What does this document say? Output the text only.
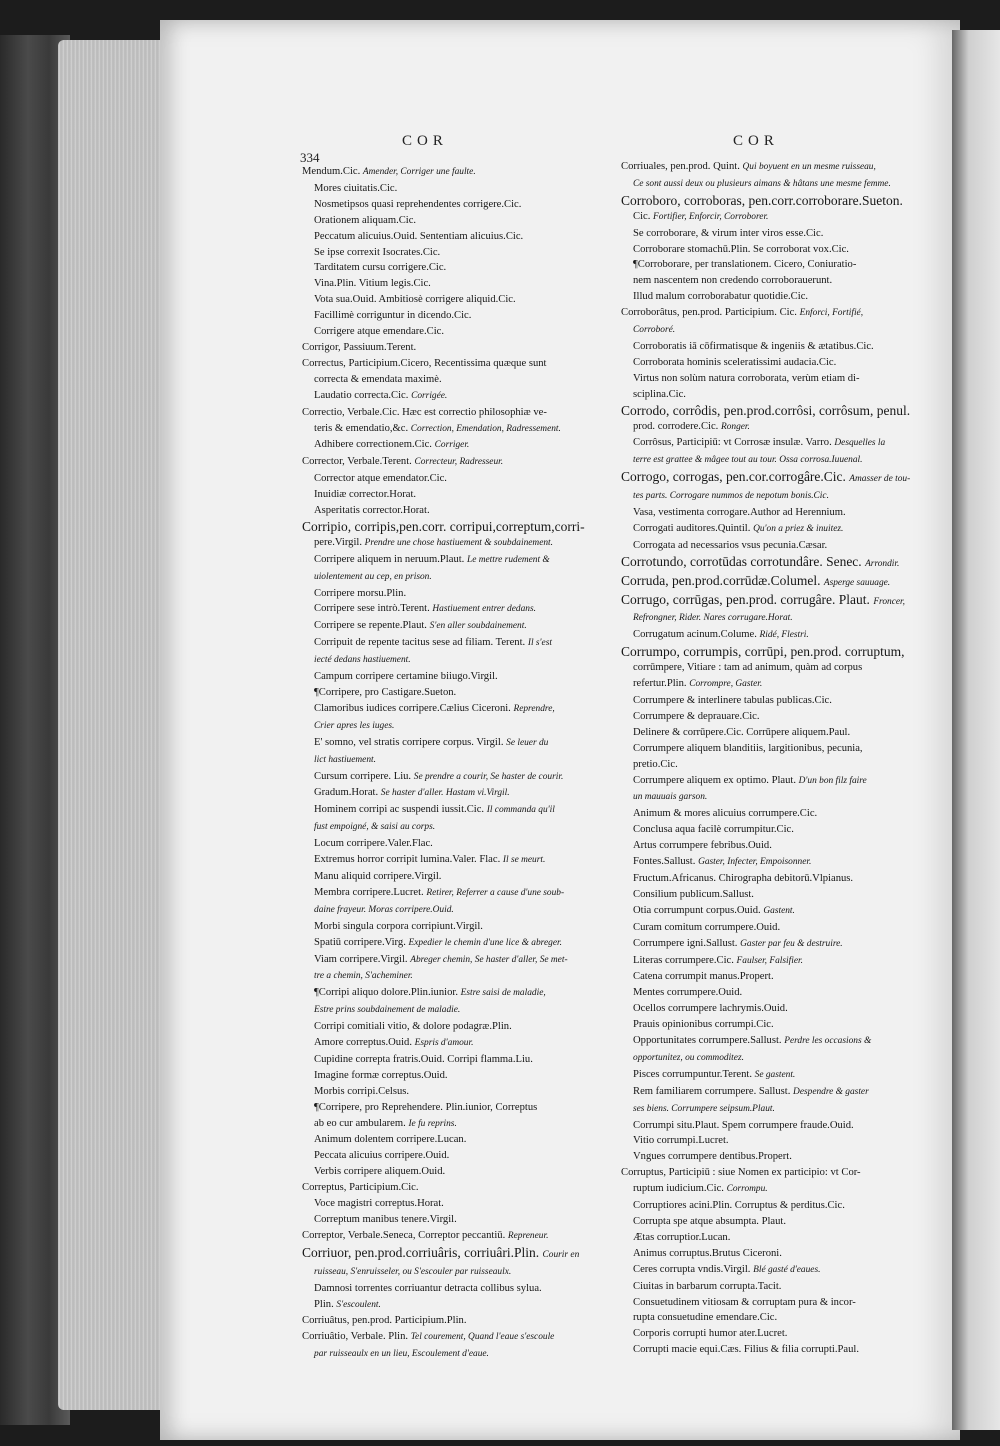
COR	COR
334
Mendum.Cic. Amender, Corriger une faulte.
Mores ciuitatis.Cic.
Nosmetipsos quasi reprehendentes corrigere.Cic.
Orationem aliquam.Cic.
Peccatum alicuius.Ouid. Sententiam alicuius.Cic.
Se ipse correxit Isocrates.Cic.
Tarditatem cursu corrigere.Cic.
Vina.Plin. Vitium legis.Cic.
Vota sua.Ouid. Ambitiosè corrigere aliquid.Cic.
Facillimè corriguntur in dicendo.Cic.
Corrigere atque emendare.Cic.
Corrigor, Passiuum.Terent.
Correctus, Participium.Cicero, Recentissima quæque sunt
correcta & emendata maximè.
Laudatio correcta.Cic. Corrigée.
Correctio, Verbale.Cic. Hæc est correctio philosophiæ ve-
teris & emendatio,&c. Correction, Emendation, Radressement.
Adhibere correctionem.Cic. Corriger.
Corrector, Verbale.Terent. Correcteur, Radresseur.
Corrector atque emendator.Cic.
Inuidiæ corrector.Horat.
Asperitatis corrector.Horat.
Corripio, corripis,pen.corr. corripui,correptum,corri-
pere.Virgil. Prendre une chose hastiuement & soubdainement.
Corripere aliquem in neruum.Plaut. Le mettre rudement &
uiolentement au cep, en prison.
Corripere morsu.Plin.
Corripere sese intrò.Terent. Hastiuement entrer dedans.
Corripere se repente.Plaut. S'en aller soubdainement.
Corripuit de repente tacitus sese ad filiam. Terent. Il s'est
iecté dedans hastiuement.
Campum corripere certamine biiugo.Virgil.
¶Corripere, pro Castigare.Sueton.
Clamoribus iudices corripere.Cælius Ciceroni. Reprendre,
Crier apres les iuges.
E' somno, vel stratis corripere corpus. Virgil. Se leuer du
lict hastiuement.
Cursum corripere. Liu. Se prendre a courir, Se haster de courir.
Gradum.Horat. Se haster d'aller. Hastam vi.Virgil.
Hominem corripi ac suspendi iussit.Cic. Il commanda qu'il
fust empoigné, & saisi au corps.
Locum corripere.Valer.Flac.
Extremus horror corripit lumina.Valer. Flac. Il se meurt.
Manu aliquid corripere.Virgil.
Membra corripere.Lucret. Retirer, Referrer a cause d'une soub-
daine frayeur. Moras corripere.Ouid.
Morbi singula corpora corripiunt.Virgil.
Spatiū corripere.Virg. Expedier le chemin d'une lice & abreger.
Viam corripere.Virgil. Abreger chemin, Se haster d'aller, Se met-
tre a chemin, S'acheminer.
¶Corripi aliquo dolore.Plin.iunior. Estre saisi de maladie,
Estre prins soubdainement de maladie.
Corripi comitiali vitio, & dolore podagræ.Plin.
Amore correptus.Ouid. Espris d'amour.
Cupidine correpta fratris.Ouid. Corripi flamma.Liu.
Imagine formæ correptus.Ouid.
Morbis corripi.Celsus.
¶Corripere, pro Reprehendere. Plin.iunior, Correptus
ab eo cur ambularem. Ie fu reprins.
Animum dolentem corripere.Lucan.
Peccata alicuius corripere.Ouid.
Verbis corripere aliquem.Ouid.
Correptus, Participium.Cic.
Voce magistri correptus.Horat.
Correptum manibus tenere.Virgil.
Correptor, Verbale.Seneca, Correptor peccantiū. Repreneur.
Corriuor, pen.prod.corriuâris, corriuâri.Plin. Courir en
ruisseau, S'enruisseler, ou S'escouler par ruisseaulx.
Damnosi torrentes corriuantur detracta collibus sylua.
Plin. S'escoulent.
Corriuâtus, pen.prod. Participium.Plin.
Corriuâtio, Verbale. Plin. Tel courement, Quand l'eaue s'escoule
par ruisseaulx en un lieu, Escoulement d'eaue.
Corriuales, pen.prod. Quint. Qui boyuent en un mesme ruisseau,
Ce sont aussi deux ou plusieurs aimans & hâtans une mesme femme.
Corroboro, corroboras, pen.corr.corroborare.Sueton.
Cic. Fortifier, Enforcir, Corroborer.
Se corroborare, & virum inter viros esse.Cic.
Corroborare stomachū.Plin. Se corroborat vox.Cic.
¶Corroborare, per translationem. Cicero, Coniuratio-
nem nascentem non credendo corroborauerunt.
Illud malum corroborabatur quotidie.Cic.
Corroborâtus, pen.prod. Participium. Cic. Enforci, Fortifié,
Corroboré.
Corroboratis iā cōfirmatisque & ingeniis & ætatibus.Cic.
Corroborata hominis sceleratissimi audacia.Cic.
Virtus non solùm natura corroborata, verùm etiam di-
sciplina.Cic.
Corrodo, corrôdis, pen.prod.corrôsi, corrôsum, penul.
prod. corrodere.Cic. Ronger.
Corrôsus, Participiū: vt Corrosæ insulæ. Varro. Desquelles la
terre est grattee & mâgee tout au tour. Ossa corrosa.Iuuenal.
Corrogo, corrogas, pen.cor.corrogâre.Cic. Amasser de tou-
tes parts. Corrogare nummos de nepotum bonis.Cic.
Vasa, vestimenta corrogare.Author ad Herennium.
Corrogati auditores.Quintil. Qu'on a priez & inuitez.
Corrogata ad necessarios vsus pecunia.Cæsar.
Corrotundo, corrotūdas corrotundâre. Senec. Arrondir.
Corruda, pen.prod.corrūdæ.Columel. Asperge sauuage.
Corrugo, corrūgas, pen.prod. corrugâre. Plaut. Froncer,
Refrongner, Rider. Nares corrugare.Horat.
Corrugatum acinum.Colume. Ridé, Flestri.
Corrumpo, corrumpis, corrūpi, pen.prod. corruptum,
corrūmpere, Vitiare : tam ad animum, quàm ad corpus
refertur.Plin. Corrompre, Gaster.
Corrumpere & interlinere tabulas publicas.Cic.
Corrumpere & deprauare.Cic.
Delinere & corrūpere.Cic. Corrūpere aliquem.Paul.
Corrumpere aliquem blanditiis, largitionibus, pecunia,
pretio.Cic.
Corrumpere aliquem ex optimo. Plaut. D'un bon filz faire
un mauuais garson.
Animum & mores alicuius corrumpere.Cic.
Conclusa aqua facilè corrumpitur.Cic.
Artus corrumpere febribus.Ouid.
Fontes.Sallust. Gaster, Infecter, Empoisonner.
Fructum.Africanus. Chirographa debitorū.Vlpianus.
Consilium publicum.Sallust.
Otia corrumpunt corpus.Ouid. Gastent.
Curam comitum corrumpere.Ouid.
Corrumpere igni.Sallust. Gaster par feu & destruire.
Literas corrumpere.Cic. Faulser, Falsifier.
Catena corrumpit manus.Propert.
Mentes corrumpere.Ouid.
Ocellos corrumpere lachrymis.Ouid.
Prauis opinionibus corrumpi.Cic.
Opportunitates corrumpere.Sallust. Perdre les occasions &
opportunitez, ou commoditez.
Pisces corrumpuntur.Terent. Se gastent.
Rem familiarem corrumpere. Sallust. Despendre & gaster
ses biens. Corrumpere seipsum.Plaut.
Corrumpi situ.Plaut. Spem corrumpere fraude.Ouid.
Vitio corrumpi.Lucret.
Vngues corrumpere dentibus.Propert.
Corruptus, Participiū : siue Nomen ex participio: vt Cor-
ruptum iudicium.Cic. Corrompu.
Corruptiores acini.Plin. Corruptus & perditus.Cic.
Corrupta spe atque absumpta. Plaut.
Ætas corruptior.Lucan.
Animus corruptus.Brutus Ciceroni.
Ceres corrupta vndis.Virgil. Blé gasté d'eaues.
Ciuitas in barbarum corrupta.Tacit.
Consuetudinem vitiosam & corruptam pura & incor-
rupta consuetudine emendare.Cic.
Corporis corrupti humor ater.Lucret.
Corrupti macie equi.Cæs. Filius & filia corrupti.Paul.
